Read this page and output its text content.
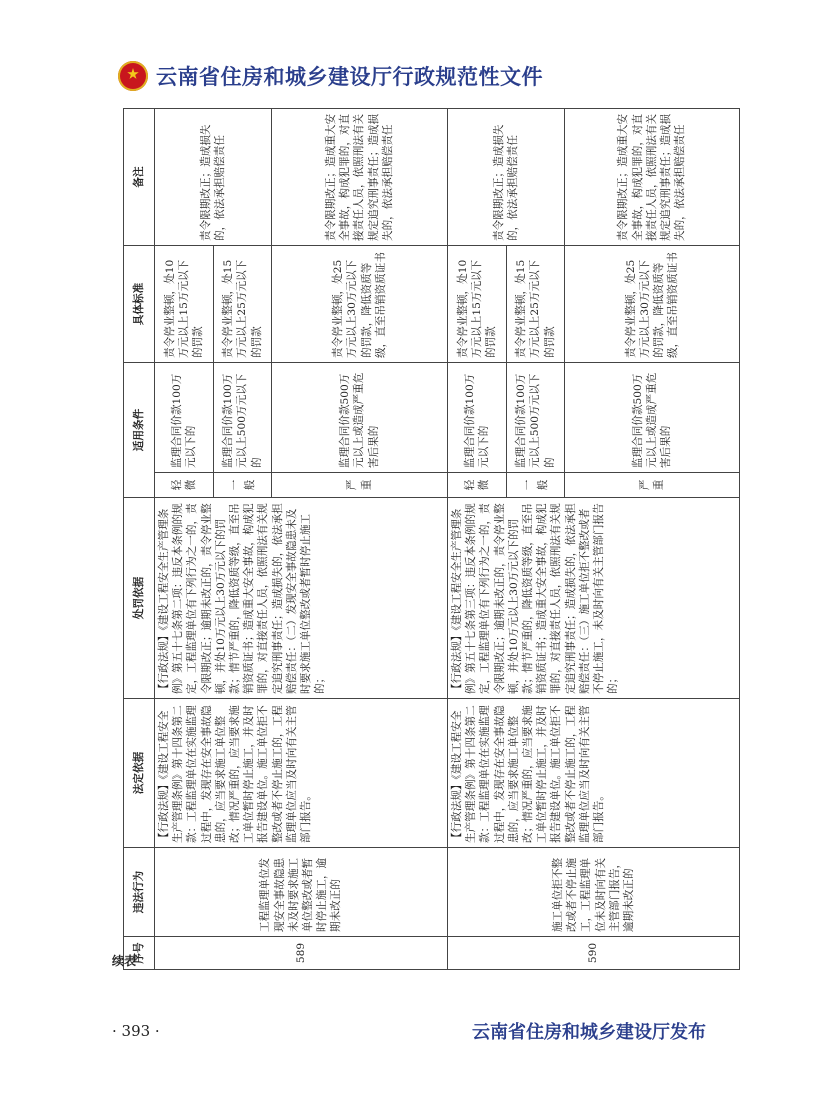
云南省住房和城乡建设厅行政规范性文件
序号
违法行为
法定依据
处罚依据
适用条件
具体标准
备注
589
工程监理单位发现安全事故隐患未及时要求施工单位整改或者暂时停止施工，逾期未改正的
【行政法规】《建设工程安全生产管理条例》第十四条第二款：工程监理单位在实施监理过程中，发现存在安全事故隐患的，应当要求施工单位整改；情况严重的，应当要求施工单位暂时停止施工，并及时报告建设单位。施工单位拒不整改或者不停止施工的，工程监理单位应当及时向有关主管部门报告。
【行政法规】《建设工程安全生产管理条例》第五十七条第二项：违反本条例的规定，工程监理单位有下列行为之一的，责令限期改正；逾期未改正的，责令停业整顿，并处10万元以上30万元以下的罚款；情节严重的，降低资质等级，直至吊销资质证书；造成重大安全事故，构成犯罪的，对直接责任人员，依照刑法有关规定追究刑事责任；造成损失的，依法承担赔偿责任：（二）发现安全事故隐患未及时要求施工单位整改或者暂时停止施工的；
轻微
监理合同价款100万元以下的
责令停业整顿，处10万元以上15万元以下的罚款
一般
监理合同价款100万元以上500万元以下的
责令停业整顿，处15万元以上25万元以下的罚款
责令限期改正；造成损失的，依法承担赔偿责任
严重
监理合同价款500万元以上或造成严重危害后果的
责令停业整顿，处25万元以上30万元以下的罚款，降低资质等级，直至吊销资质证书
责令限期改正；造成重大安全事故，构成犯罪的，对直接责任人员，依照刑法有关规定追究刑事责任；造成损失的，依法承担赔偿责任
590
施工单位拒不整改或者不停止施工，工程监理单位未及时向有关主管部门报告，逾期未改正的
【行政法规】《建设工程安全生产管理条例》第十四条第二款：工程监理单位在实施监理过程中，发现存在安全事故隐患的，应当要求施工单位整改；情况严重的，应当要求施工单位暂时停止施工，并及时报告建设单位。施工单位拒不整改或者不停止施工的，工程监理单位应当及时向有关主管部门报告。
【行政法规】《建设工程安全生产管理条例》第五十七条第三项：违反本条例的规定，工程监理单位有下列行为之一的，责令限期改正；逾期未改正的，责令停业整顿，并处10万元以上30万元以下的罚款；情节严重的，降低资质等级，直至吊销资质证书；造成重大安全事故，构成犯罪的，对直接责任人员，依照刑法有关规定追究刑事责任；造成损失的，依法承担赔偿责任：（三）施工单位拒不整改或者不停止施工，未及时向有关主管部门报告的；
轻微
监理合同价款100万元以下的
责令停业整顿，处10万元以上15万元以下的罚款
一般
监理合同价款100万元以上500万元以下的
责令停业整顿，处15万元以上25万元以下的罚款
责令限期改正；造成损失的，依法承担赔偿责任
严重
监理合同价款500万元以上或造成严重危害后果的
责令停业整顿，处25万元以上30万元以下的罚款，降低资质等级，直至吊销资质证书
责令限期改正；造成重大安全事故，构成犯罪的，对直接责任人员，依照刑法有关规定追究刑事责任；造成损失的，依法承担赔偿责任
续表
· 393 ·	云南省住房和城乡建设厅发布
